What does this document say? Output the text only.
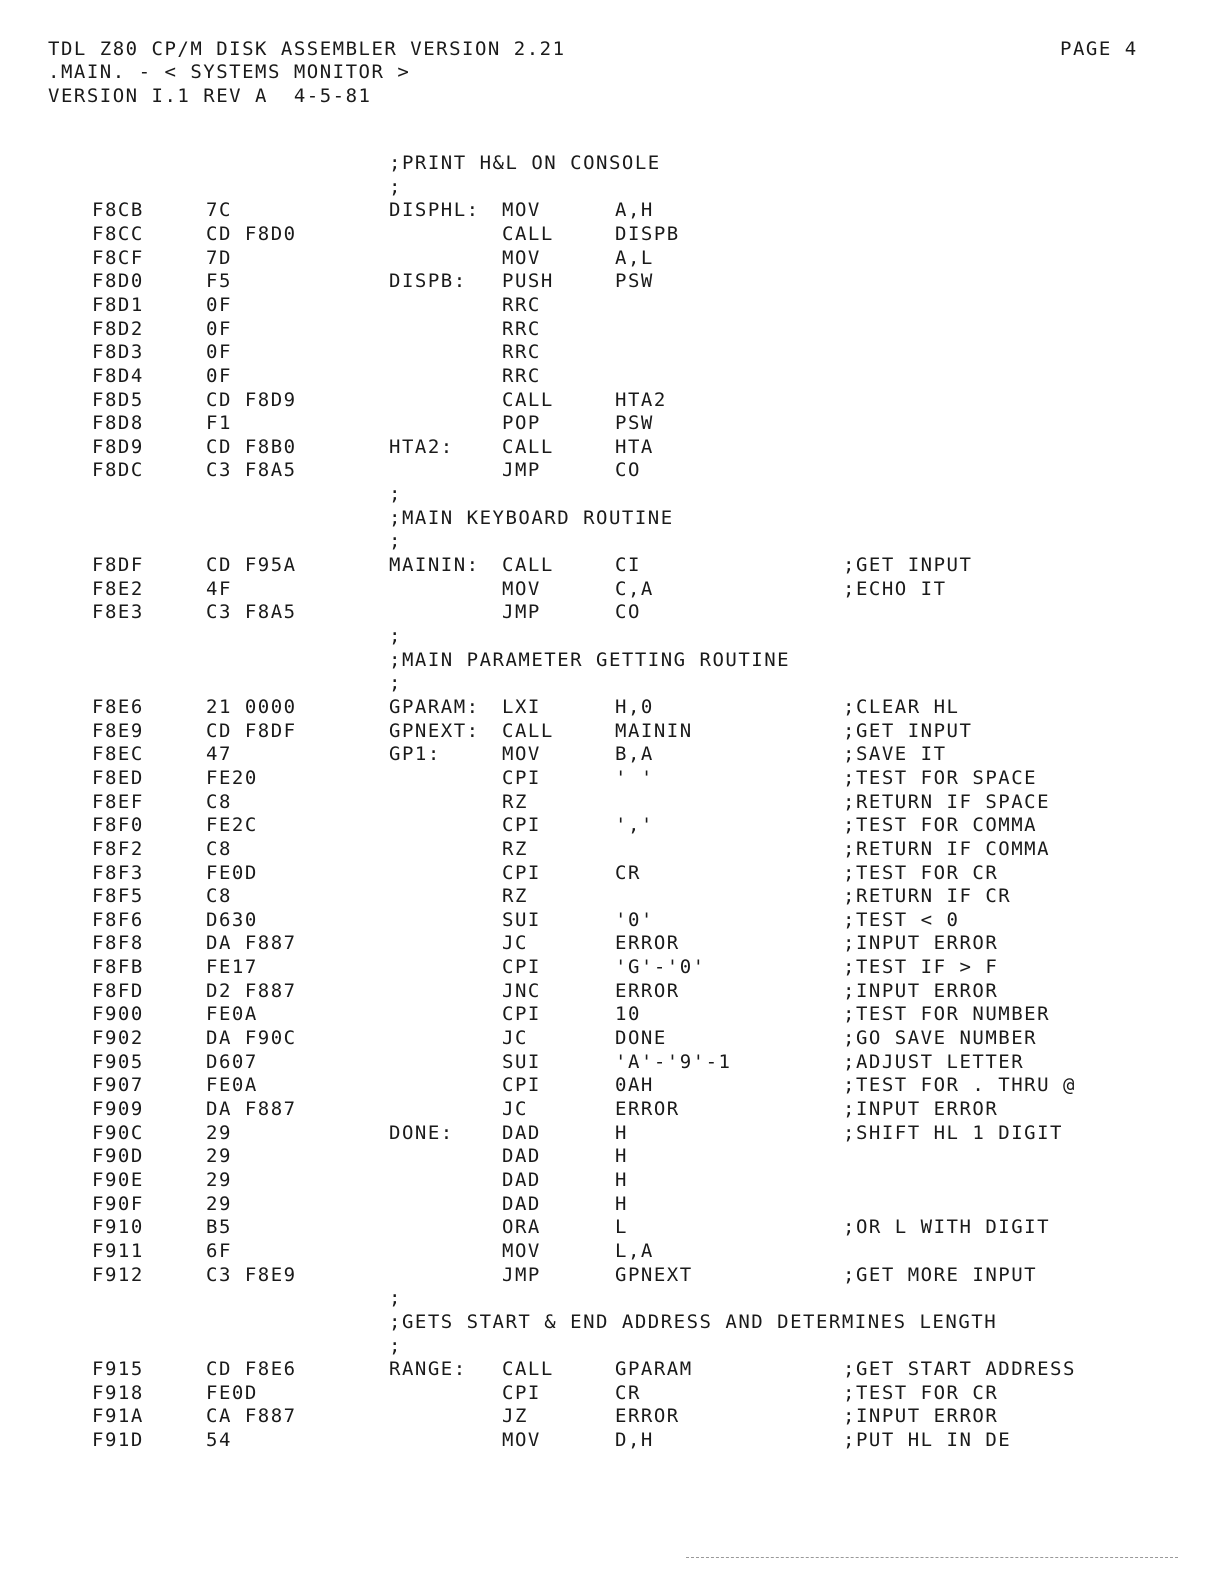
TDL Z80 CP/M DISK ASSEMBLER VERSION 2.21
.MAIN. - < SYSTEMS MONITOR >
VERSION I.1 REV A  4-5-81
PAGE 4
;PRINT H&L ON CONSOLE
;
F8CB	7C	DISPHL: MOV	A,H
F8CC	CD F8D0	CALL	DISPB
F8CF	7D	MOV	A,L
F8D0	F5	DISPB: PUSH	PSW
F8D1	0F	RRC
F8D2	0F	RRC
F8D3	0F	RRC
F8D4	0F	RRC
F8D5	CD F8D9	CALL	HTA2
F8D8	F1	POP	PSW
F8D9	CD F8B0	HTA2:	CALL	HTA
F8DC	C3 F8A5	JMP	CO
;
;MAIN KEYBOARD ROUTINE
;
F8DF	CD F95A	MAININ: CALL	CI	;GET INPUT
F8E2	4F	MOV	C,A	;ECHO IT
F8E3	C3 F8A5	JMP	CO
;
;MAIN PARAMETER GETTING ROUTINE
;
F8E6	21 0000	GPARAM: LXI	H,0	;CLEAR HL
F8E9	CD F8DF	GPNEXT: CALL	MAININ	;GET INPUT
F8EC	47	GP1:	MOV	B,A	;SAVE IT
F8ED	FE20	CPI	' '	;TEST FOR SPACE
F8EF	C8	RZ	;RETURN IF SPACE
F8F0	FE2C	CPI	','	;TEST FOR COMMA
F8F2	C8	RZ	;RETURN IF COMMA
F8F3	FE0D	CPI	CR	;TEST FOR CR
F8F5	C8	RZ	;RETURN IF CR
F8F6	D630	SUI	'0'	;TEST < 0
F8F8	DA F887	JC	ERROR	;INPUT ERROR
F8FB	FE17	CPI	'G'-'0'	;TEST IF > F
F8FD	D2 F887	JNC	ERROR	;INPUT ERROR
F900	FE0A	CPI	10	;TEST FOR NUMBER
F902	DA F90C	JC	DONE	;GO SAVE NUMBER
F905	D607	SUI	'A'-'9'-1	;ADJUST LETTER
F907	FE0A	CPI	0AH	;TEST FOR . THRU @
F909	DA F887	JC	ERROR	;INPUT ERROR
F90C	29	DONE:	DAD	H	;SHIFT HL 1 DIGIT
F90D	29	DAD	H
F90E	29	DAD	H
F90F	29	DAD	H
F910	B5	ORA	L	;OR L WITH DIGIT
F911	6F	MOV	L,A
F912	C3 F8E9	JMP	GPNEXT	;GET MORE INPUT
;
;GETS START & END ADDRESS AND DETERMINES LENGTH
;
F915	CD F8E6	RANGE: CALL	GPARAM	;GET START ADDRESS
F918	FE0D	CPI	CR	;TEST FOR CR
F91A	CA F887	JZ	ERROR	;INPUT ERROR
F91D	54	MOV	D,H	;PUT HL IN DE
